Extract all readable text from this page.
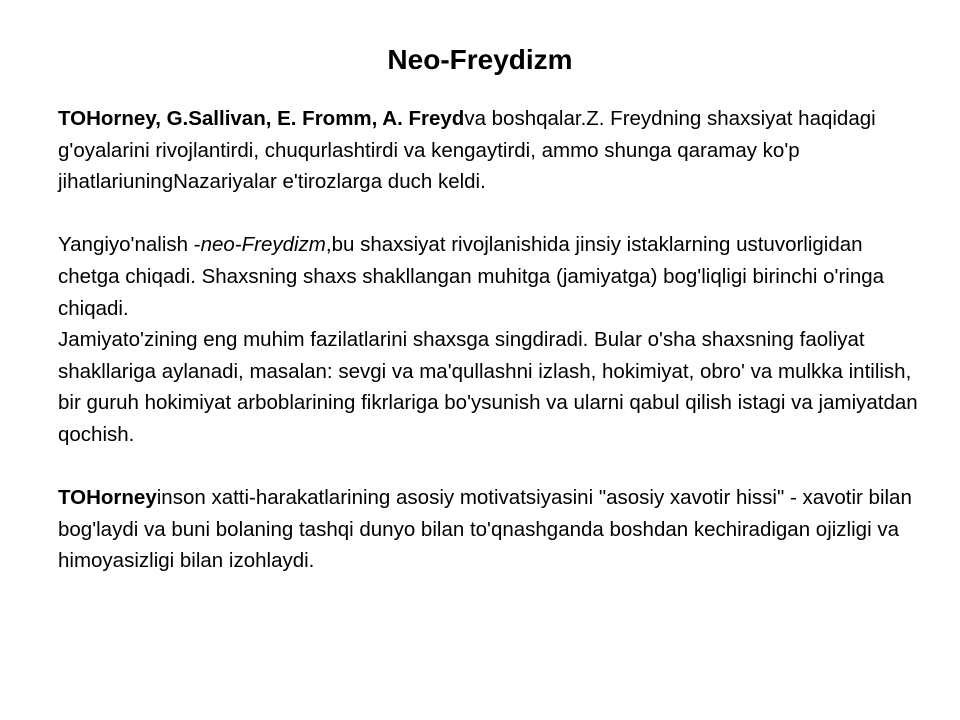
Neo-Freydizm

TOHorney, G.Sallivan, E. Fromm, A. Freydva boshqalar.Z. Freydning shaxsiyat haqidagi g'oyalarini rivojlantirdi, chuqurlashtirdi va kengaytirdi, ammo shunga qaramay ko'p jihatlariuningNazariyalar e'tirozlarga duch keldi.

Yangiyo'nalish -neo-Freydizm,bu shaxsiyat rivojlanishida jinsiy istaklarning ustuvorligidan chetga chiqadi. Shaxsning shaxs shakllangan muhitga (jamiyatga) bog'liqligi birinchi o'ringa chiqadi.

Jamiyato'zining eng muhim fazilatlarini shaxsga singdiradi. Bular o'sha shaxsning faoliyat shakllariga aylanadi, masalan: sevgi va ma'qullashni izlash, hokimiyat, obro' va mulkka intilish, bir guruh hokimiyat arboblarining fikrlariga bo'ysunish va ularni qabul qilish istagi va jamiyatdan qochish.

TOHorneyinson xatti-harakatlarining asosiy motivatsiyasini "asosiy xavotir hissi" - xavotir bilan bog'laydi va buni bolaning tashqi dunyo bilan to'qnashganda boshdan kechiradigan ojizligi va himoyasizligi bilan izohlaydi.
